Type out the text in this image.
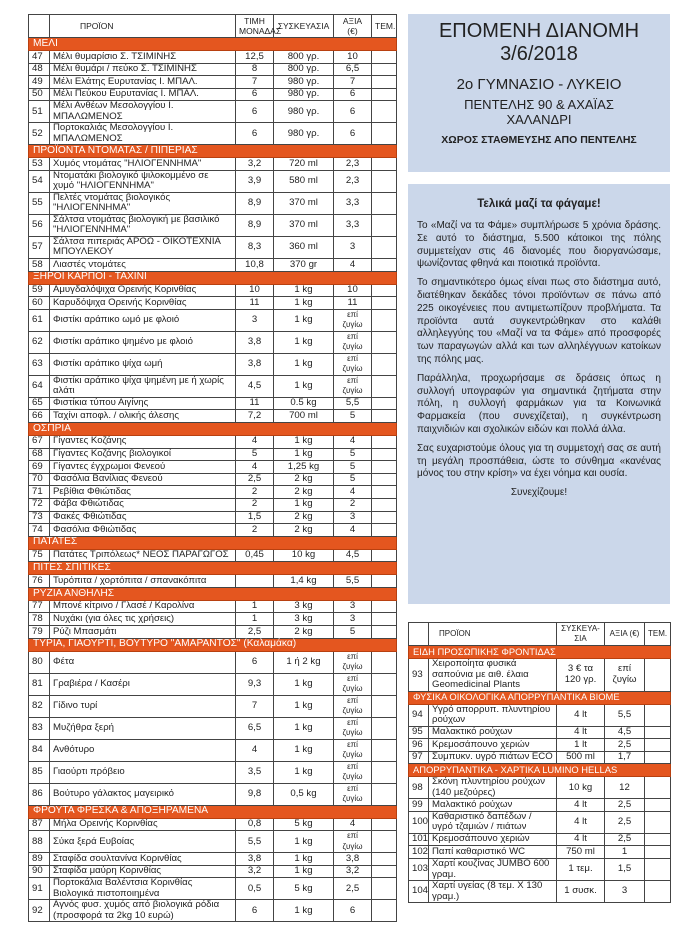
	ΠΡΟΪΟΝ	ΤΙΜΗ ΜΟΝΑΔΑΣ	ΣΥΣΚΕΥΑΣΙΑ	ΑΞΙΑ (€)	ΤΕΜ.
ΜΕΛΙ					
47	Μέλι θυμαρίσιο Σ. ΤΣΙΜΙΝΗΣ	12,5	800 γρ.	10	
48	Μέλι θυμάρι / πεύκο Σ. ΤΣΙΜΙΝΗΣ	8	800 γρ.	6,5	
49	Μέλι Ελάτης Ευρυτανίας Ι. ΜΠΑΛ.	7	980 γρ.	7	
50	Μέλι Πεύκου Ευρυτανίας Ι. ΜΠΑΛ.	6	980 γρ.	6	
51	Μέλι Ανθέων Μεσολογγίου Ι. ΜΠΑΛΩΜΕΝΟΣ	6	980 γρ.	6	
52	Πορτοκαλιάς Μεσολογγίου Ι. ΜΠΑΛΩΜΕΝΟΣ	6	980 γρ.	6	
ΠΡΟΪΟΝΤΑ ΝΤΟΜΑΤΑΣ / ΠΙΠΕΡΙΑΣ					
53	Χυμός ντομάτας "ΗΛΙΟΓΕΝΝΗΜΑ"	3,2	720 ml	2,3	
54	Ντοματάκι βιολογικό ψιλοκομμένο σε χυμό "ΗΛΙΟΓΕΝΝΗΜΑ"	3,9	580 ml	2,3	
55	Πελτές ντομάτας βιολογικός "ΗΛΙΟΓΕΝΝΗΜΑ"	8,9	370 ml	3,3	
56	Σάλτσα ντομάτας βιολογική με βασιλικό "ΗΛΙΟΓΕΝΝΗΜΑ"	8,9	370 ml	3,3	
57	Σάλτσα πιπεριάς ΑΡΟΩ - ΟΙΚΟΤΕΧΝΙΑ ΜΠΟΥΛΕΚΟΥ	8,3	360 ml	3	
58	Λιαστές ντομάτες	10,8	370 gr	4	
ΞΗΡΟΙ ΚΑΡΠΟΙ - ΤΑΧΙΝΙ					
59	Αμυγδαλόψιχα Ορεινής Κορινθίας	10	1 kg	10	
60	Καρυδόψιχα Ορεινής Κορινθίας	11	1 kg	11	
61	Φιστίκι αράπικο ωμό με φλοιό	3	1 kg	επί ζυγίω	
62	Φιστίκι αράπικο ψημένο με φλοιό	3,8	1 kg	επί ζυγίω	
63	Φιστίκι αράπικο ψίχα ωμή	3,8	1 kg	επί ζυγίω	
64	Φιστίκι αράπικο ψίχα ψημένη με ή χωρίς αλάτι	4,5	1 kg	επί ζυγίω	
65	Φιστίκια τύπου Αιγίνης	11	0.5 kg	5,5	
66	Ταχίνι αποφλ. / ολικής άλεσης	7,2	700 ml	5	
ΟΣΠΡΙΑ					
67	Γίγαντες Κοζάνης	4	1 kg	4	
68	Γίγαντες Κοζάνης βιολογικοί	5	1 kg	5	
69	Γίγαντες έγχρωμοι Φενεού	4	1,25 kg	5	
70	Φασόλια Βανίλιας Φενεού	2,5	2 kg	5	
71	Ρεβίθια Φθιώτιδας	2	2 kg	4	
72	Φάβα Φθιώτιδας	2	1 kg	2	
73	Φακές Φθιώτιδας	1,5	2 kg	3	
74	Φασόλια Φθιώτιδας	2	2 kg	4	
ΠΑΤΑΤΕΣ					
75	Πατάτες Τριπόλεως* ΝΕΟΣ ΠΑΡΑΓΩΓΟΣ	0,45	10 kg	4,5	
ΠΙΤΕΣ ΣΠΙΤΙΚΕΣ					
76	Τυρόπιτα / χορτόπιτα / σπανακόπιτα		1,4 kg	5,5	
ΡΥΖΙΑ ΑΝΘΗΛΗΣ					
77	Μπονέ κίτρινο / Γλασέ / Καρολίνα	1	3 kg	3	
78	Νυχάκι (για όλες τις χρήσεις)	1	3 kg	3	
79	Ρύζι Μπασμάτι	2,5	2 kg	5	
ΤΥΡΙΑ, ΓΙΑΟΥΡΤΙ, ΒΟΥΤΥΡΟ "ΑΜΑΡΑΝΤΟΣ" (Καλαμάκα)					
80	Φέτα	6	1 ή 2 kg	επί ζυγίω	
81	Γραβιέρα / Κασέρι	9,3	1 kg	επί ζυγίω	
82	Γίδινο τυρί	7	1 kg	επί ζυγίω	
83	Μυζήθρα ξερή	6,5	1 kg	επί ζυγίω	
84	Ανθότυρο	4	1 kg	επί ζυγίω	
85	Γιαούρτι πρόβειο	3,5	1 kg	επί ζυγίω	
86	Βούτυρο γάλακτος μαγειρικό	9,8	0,5 kg	επί ζυγίω	
ΦΡΟΥΤΑ ΦΡΕΣΚΑ & ΑΠΟΞΗΡΑΜΕΝΑ					
87	Μήλα Ορεινής Κορινθίας	0,8	5 kg	4	
88	Σύκα ξερά Ευβοίας	5,5	1 kg	επί ζυγίω	
89	Σταφίδα σουλτανίνα Κορινθίας	3,8	1 kg	3,8	
90	Σταφίδα μαύρη Κορινθίας	3,2	1 kg	3,2	
91	Πορτοκάλια Βαλέντσια Κορινθίας Βιολογικά πιστοποιημένα	0,5	5 kg	2,5	
92	Αγνός φυσ. χυμός από βιολογικά ρόδια (προσφορά τα 2kg 10 ευρώ)	6	1 kg	6	
ΕΠΟΜΕΝΗ ΔΙΑΝΟΜΗ
3/6/2018
2ο ΓΥΜΝΑΣΙΟ - ΛΥΚΕΙΟ
ΠΕΝΤΕΛΗΣ 90 & ΑΧΑΪΑΣ
ΧΑΛΑΝΔΡΙ
ΧΩΡΟΣ ΣΤΑΘΜΕΥΣΗΣ ΑΠΟ ΠΕΝΤΕΛΗΣ
Τελικά μαζί τα φάγαμε!

Το «Μαζί να τα Φάμε» συμπλήρωσε 5 χρόνια δράσης. Σε αυτό το διάστημα, 5.500 κάτοικοι της πόλης συμμετείχαν στις 46 διανομές που διοργανώσαμε, ψωνίζοντας φθηνά και ποιοτικά προϊόντα.

Το σημαντικότερο όμως είναι πως στο διάστημα αυτό, διατέθηκαν δεκάδες τόνοι προϊόντων σε πάνω από 225 οικογένειες που αντιμετωπίζουν προβλήματα. Τα προϊόντα αυτά συγκεντρώθηκαν στο καλάθι αλληλεγγύης του «Μαζί να τα Φάμε» από προσφορές των παραγωγών αλλά και των αλληλέγγυων κατοίκων της πόλης μας.

Παράλληλα, προχωρήσαμε σε δράσεις όπως η συλλογή υπογραφών για σημαντικά ζητήματα στην πόλη, η συλλογή φαρμάκων για τα Κοινωνικά Φαρμακεία (που συνεχίζεται), η συγκέντρωση παιχνιδιών και σχολικών ειδών και πολλά άλλα.

Σας ευχαριστούμε όλους για τη συμμετοχή σας σε αυτή τη μεγάλη προσπάθεια, ώστε το σύνθημα «κανένας μόνος του στην κρίση» να έχει νόημα και ουσία.

Συνεχίζουμε!

	ΠΡΟΪΟΝ	ΣΥΣΚΕΥΑ-ΣΙΑ	ΑΞΙΑ (€)	ΤΕΜ.
ΕΙΔΗ ΠΡΟΣΩΠΙΚΗΣ ΦΡΟΝΤΙΔΑΣ				
93	Χειροποίητα φυσικά σαπούνια με αιθ. έλαια Geomedicinal Plants	3 € τα 120 γρ.	επί ζυγίω	
ΦΥΣΙΚΑ ΟΙΚΟΛΟΓΙΚΑ ΑΠΟΡΡΥΠΑΝΤΙΚΑ BIOME				
94	Υγρό απορρυπ. πλυντηρίου ρούχων	4 lt	5,5	
95	Μαλακτικό ρούχων	4 lt	4,5	
96	Κρεμοσάπουνο χεριών	1 lt	2,5	
97	Συμπυκν. υγρό πιάτων ECO	500 ml	1,7	
ΑΠΟΡΡΥΠΑΝΤΙΚΑ - ΧΑΡΤΙΚΑ LUMINO HELLAS				
98	Σκόνη πλυντηρίου ρούχων (140 μεζούρες)	10 kg	12	
99	Μαλακτικό ρούχων	4 lt	2,5	
100	Καθαριστικό δαπέδων / υγρό τζαμιών / πιάτων	4 lt	2,5	
101	Κρεμοσάπουνο χεριών	4 lt	2,5	
102	Παπί καθαριστικό WC	750 ml	1	
103	Χαρτί κουζίνας JUMBO 600 γραμ.	1 τεμ.	1,5	
104	Χαρτί υγείας (8 τεμ. X 130 γραμ.)	1 συσκ.	3	
